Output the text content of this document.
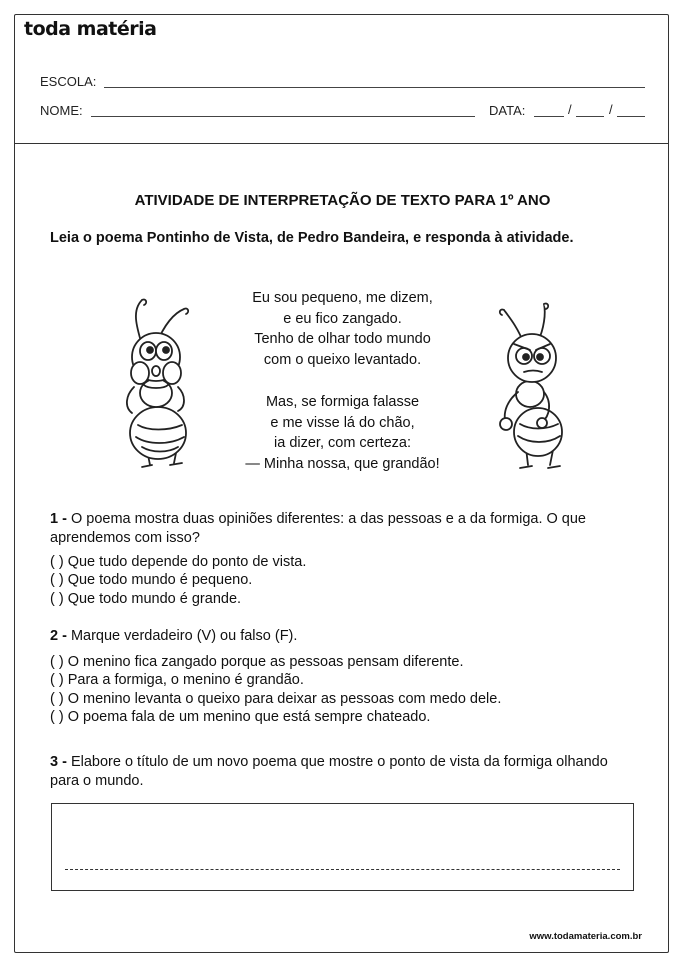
toda matéria
ESCOLA:
NOME:	DATA:	/	/
ATIVIDADE DE INTERPRETAÇÃO DE TEXTO PARA 1º ANO
Leia o poema Pontinho de Vista, de Pedro Bandeira, e responda à atividade.
Eu sou pequeno, me dizem,
e eu fico zangado.
Tenho de olhar todo mundo
com o queixo levantado.
Mas, se formiga falasse
e me visse lá do chão,
ia dizer, com certeza:
— Minha nossa, que grandão!
1 - O poema mostra duas opiniões diferentes: a das pessoas e a da formiga. O que aprendemos com isso?
( ) Que tudo depende do ponto de vista.
( ) Que todo mundo é pequeno.
( ) Que todo mundo é grande.
2 - Marque verdadeiro (V) ou falso (F).
( ) O menino fica zangado porque as pessoas pensam diferente.
( ) Para a formiga, o menino é grandão.
( ) O menino levanta o queixo para deixar as pessoas com medo dele.
( ) O poema fala de um menino que está sempre chateado.
3 - Elabore o título de um novo poema que mostre o ponto de vista da formiga olhando para o mundo.
www.todamateria.com.br
